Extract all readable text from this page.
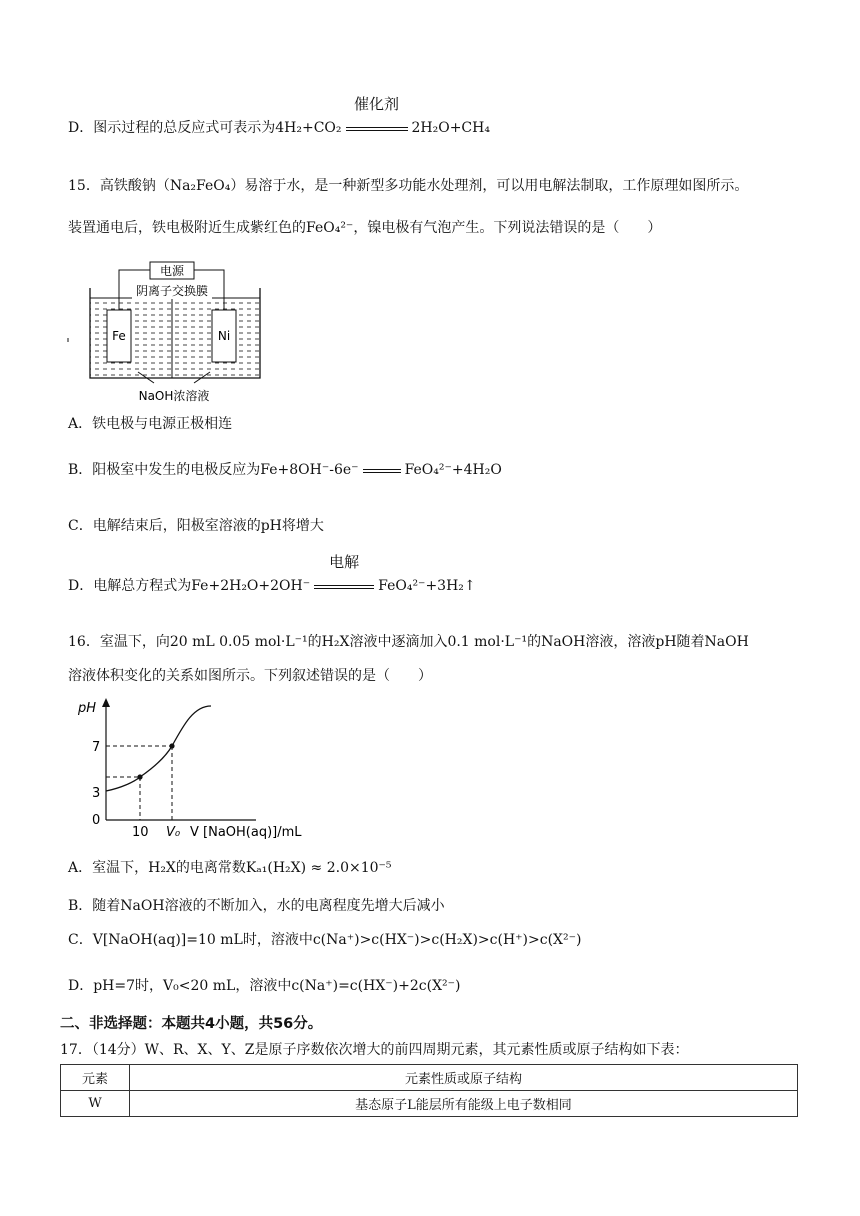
D．图示过程的总反应式可表示为4H₂+CO₂
催化剂
2H₂O+CH₄
15．高铁酸钠（Na₂FeO₄）易溶于水，是一种新型多功能水处理剂，可以用电解法制取，工作原理如图所示。
装置通电后，铁电极附近生成紫红色的FeO₄²⁻，镍电极有气泡产生。下列说法错误的是（　　）
电源
阴离子交换膜
Fe	Ni
NaOH浓溶液
A．铁电极与电源正极相连
B．阳极室中发生的电极反应为Fe+8OH⁻-6e⁻	FeO₄²⁻+4H₂O
C．电解结束后，阳极室溶液的pH将增大
D．电解总方程式为Fe+2H₂O+2OH⁻
电解
FeO₄²⁻+3H₂↑
16．室温下，向20 mL 0.05 mol·L⁻¹的H₂X溶液中逐滴加入0.1 mol·L⁻¹的NaOH溶液，溶液pH随着NaOH
溶液体积变化的关系如图所示。下列叙述错误的是（　　）
pH
7
3
0
10 V₀ V [NaOH(aq)]/mL
A．室温下，H₂X的电离常数Kₐ₁(H₂X) ≈ 2.0×10⁻⁵
B．随着NaOH溶液的不断加入，水的电离程度先增大后减小
C．V[NaOH(aq)]=10 mL时，溶液中c(Na⁺)>c(HX⁻)>c(H₂X)>c(H⁺)>c(X²⁻)
D．pH=7时，V₀<20 mL，溶液中c(Na⁺)=c(HX⁻)+2c(X²⁻)
二、非选择题：本题共4小题，共56分。
17．（14分）W、R、X、Y、Z是原子序数依次增大的前四周期元素，其元素性质或原子结构如下表：
元素	元素性质或原子结构
W	基态原子L能层所有能级上电子数相同
